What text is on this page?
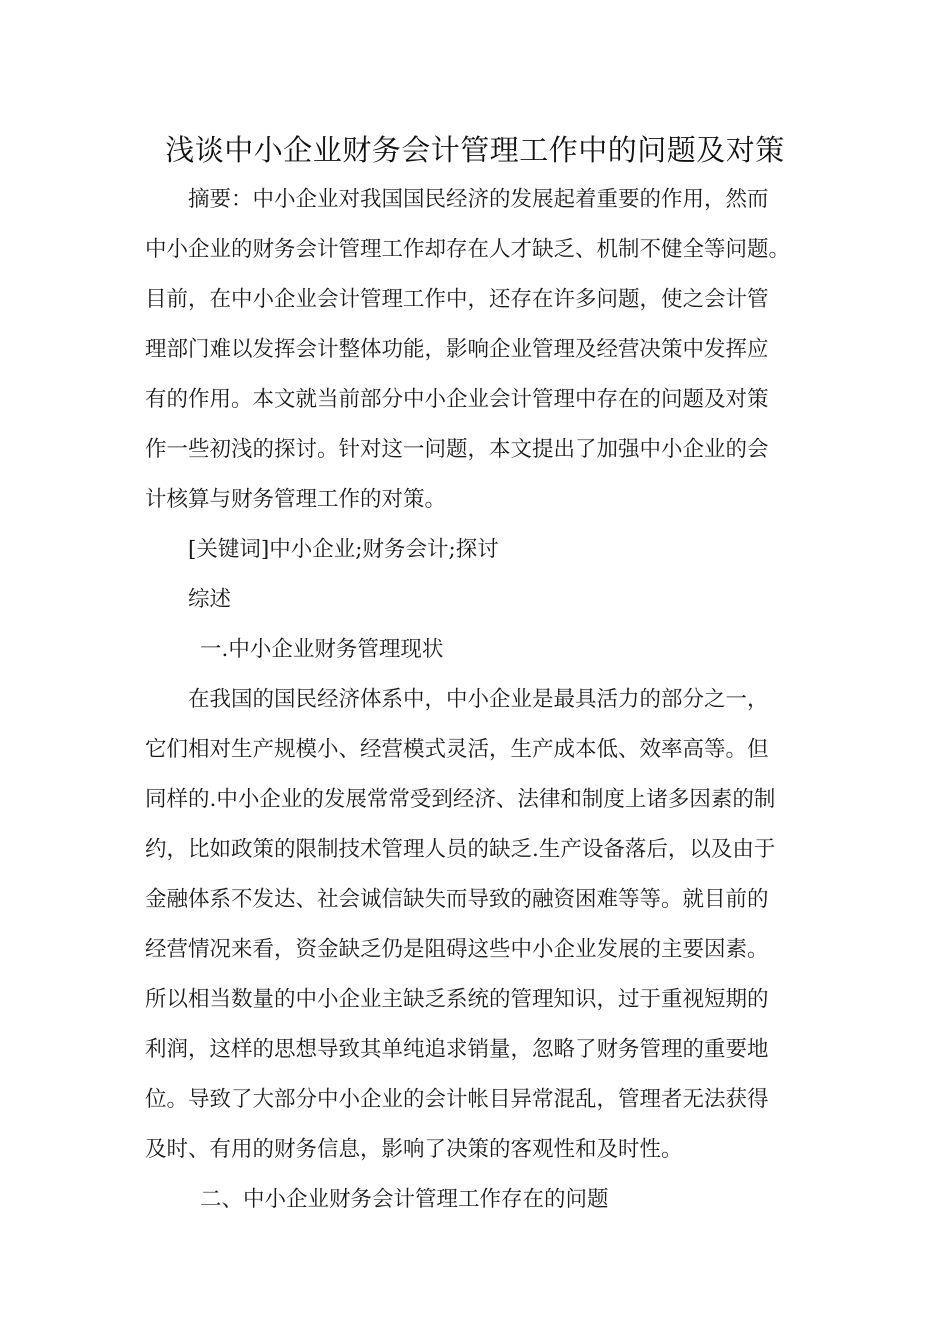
浅谈中小企业财务会计管理工作中的问题及对策
摘要：中小企业对我国国民经济的发展起着重要的作用，然而
中小企业的财务会计管理工作却存在人才缺乏、机制不健全等问题。
目前，在中小企业会计管理工作中，还存在许多问题，使之会计管
理部门难以发挥会计整体功能，影响企业管理及经营决策中发挥应
有的作用。本文就当前部分中小企业会计管理中存在的问题及对策
作一些初浅的探讨。针对这一问题，本文提出了加强中小企业的会
计核算与财务管理工作的对策。
[关键词]中小企业;财务会计;探讨
综述
一.中小企业财务管理现状
在我国的国民经济体系中，中小企业是最具活力的部分之一，
它们相对生产规模小、经营模式灵活，生产成本低、效率高等。但
同样的.中小企业的发展常常受到经济、法律和制度上诸多因素的制
约，比如政策的限制技术管理人员的缺乏.生产设备落后，以及由于
金融体系不发达、社会诚信缺失而导致的融资困难等等。就目前的
经营情况来看，资金缺乏仍是阻碍这些中小企业发展的主要因素。
所以相当数量的中小企业主缺乏系统的管理知识，过于重视短期的
利润，这样的思想导致其单纯追求销量，忽略了财务管理的重要地
位。导致了大部分中小企业的会计帐目异常混乱，管理者无法获得
及时、有用的财务信息，影响了决策的客观性和及时性。
二、中小企业财务会计管理工作存在的问题
